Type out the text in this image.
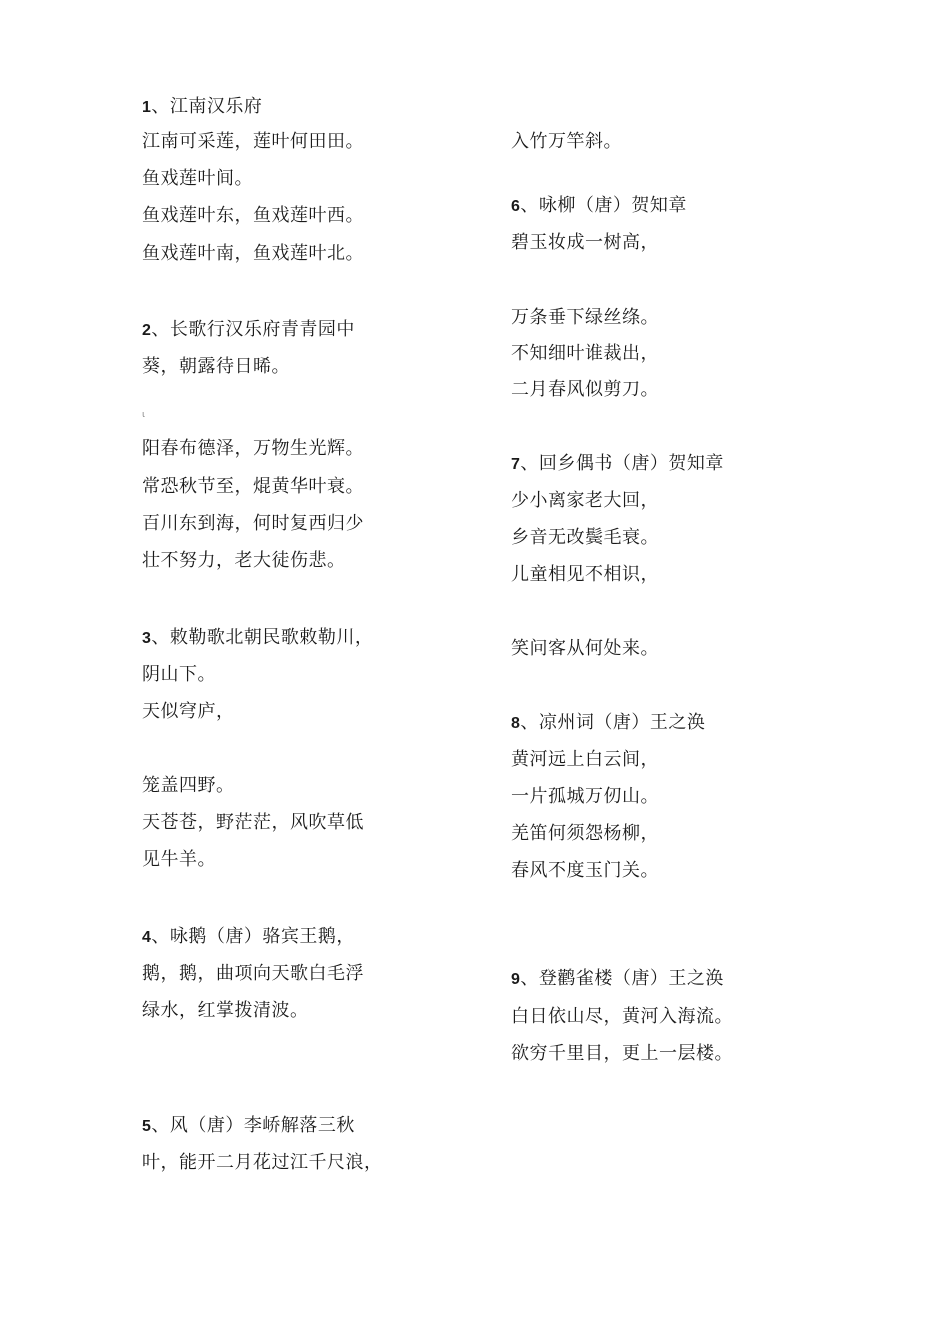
1、江南汉乐府
江南可采莲，莲叶何田田。
鱼戏莲叶间。
鱼戏莲叶东，鱼戏莲叶西。
鱼戏莲叶南，鱼戏莲叶北。
2、长歌行汉乐府青青园中
葵，朝露待日晞。
ι
阳春布德泽，万物生光辉。
常恐秋节至，焜黄华叶衰。
百川东到海，何时复西归少
壮不努力，老大徒伤悲。
3、敕勒歌北朝民歌敕勒川，
阴山下。
天似穹庐，
笼盖四野。
天苍苍，野茫茫，风吹草低
见牛羊。
4、咏鹅（唐）骆宾王鹅，
鹅，鹅，曲项向天歌白毛浮
绿水，红掌拨清波。
5、风（唐）李峤解落三秋
叶，能开二月花过江千尺浪，
入竹万竿斜。
6、咏柳（唐）贺知章
碧玉妆成一树高，
万条垂下绿丝绦。
不知细叶谁裁出，
二月春风似剪刀。
7、回乡偶书（唐）贺知章
少小离家老大回，
乡音无改鬓毛衰。
儿童相见不相识，
笑问客从何处来。
8、凉州词（唐）王之涣
黄河远上白云间，
一片孤城万仞山。
羌笛何须怨杨柳，
春风不度玉门关。
9、登鹳雀楼（唐）王之涣
白日依山尽，黄河入海流。
欲穷千里目，更上一层楼。
